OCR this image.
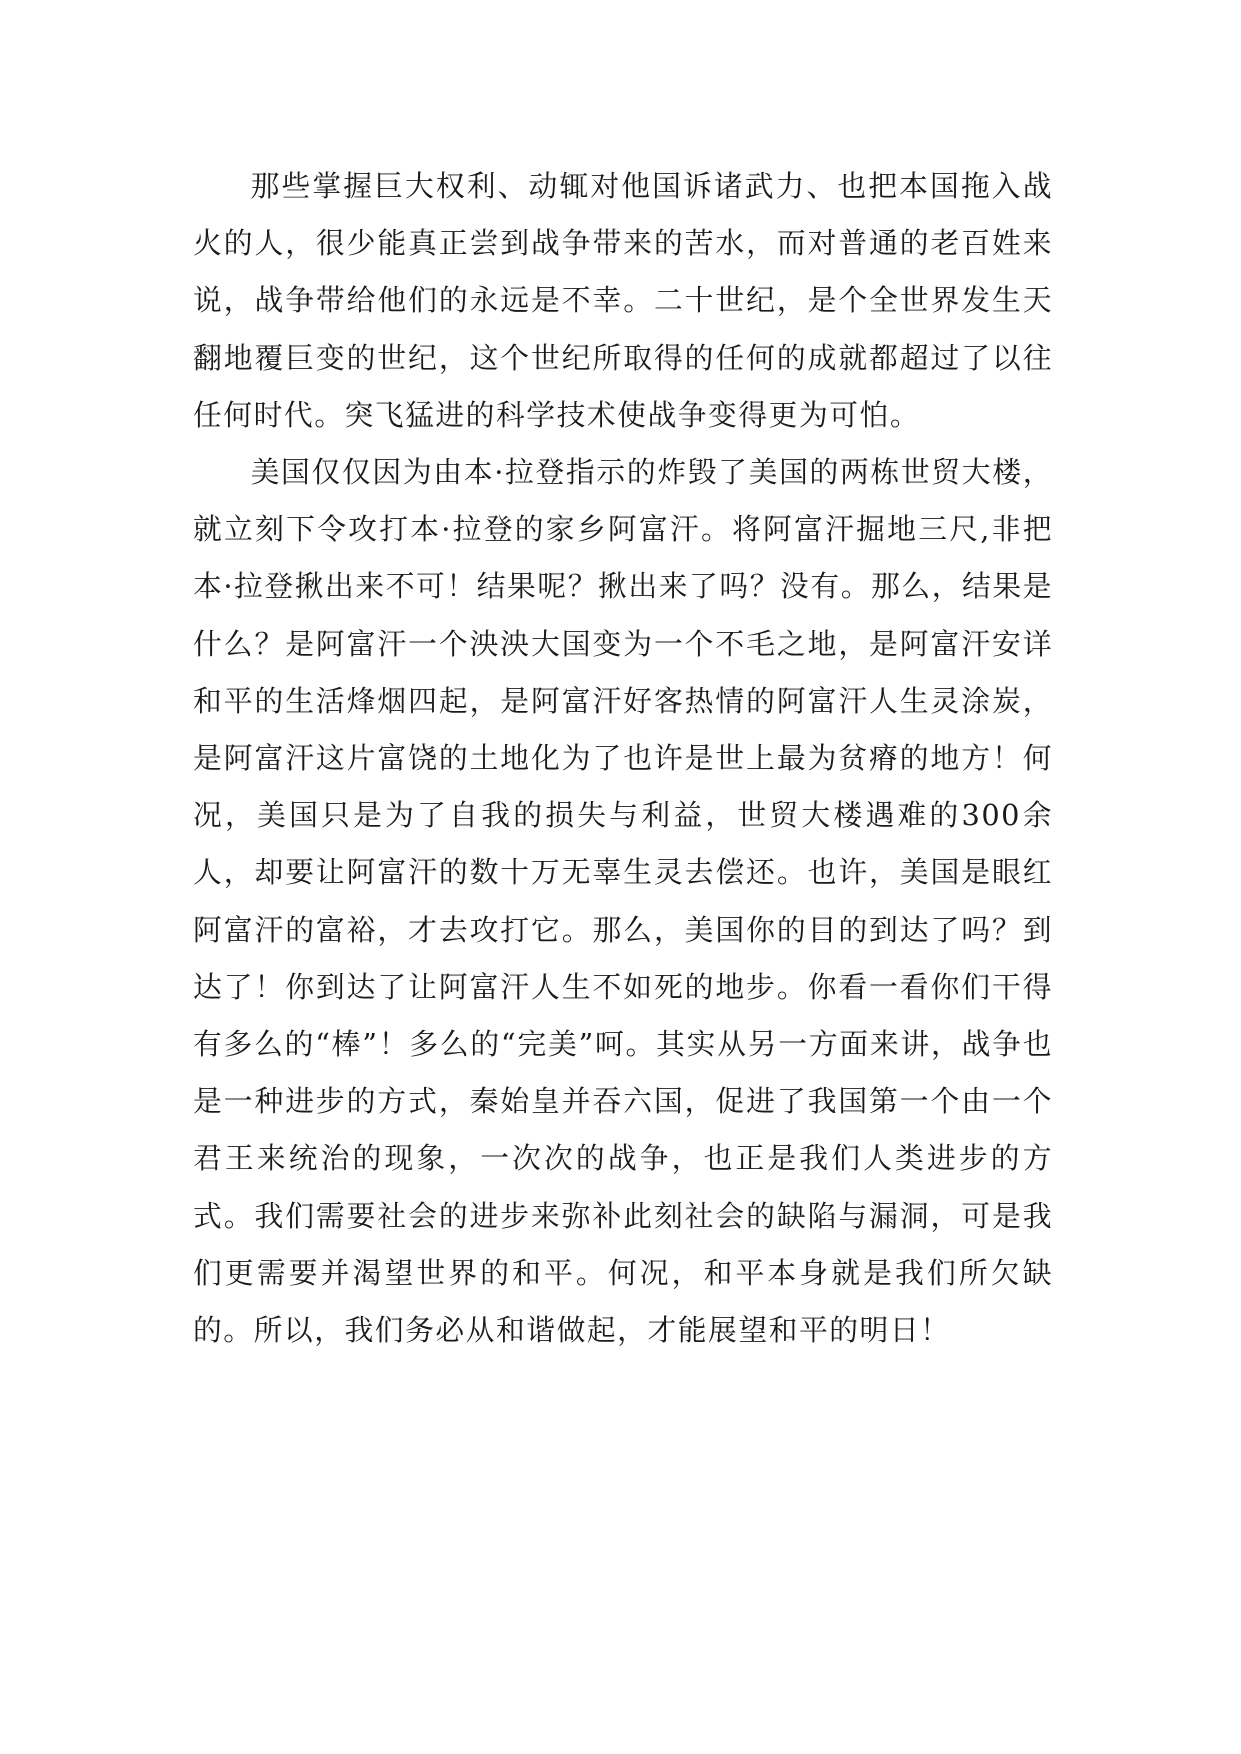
那些掌握巨大权利、动辄对他国诉诸武力、也把本国拖入战火的人，很少能真正尝到战争带来的苦水，而对普通的老百姓来说，战争带给他们的永远是不幸。二十世纪，是个全世界发生天翻地覆巨变的世纪，这个世纪所取得的任何的成就都超过了以往任何时代。突飞猛进的科学技术使战争变得更为可怕。

美国仅仅因为由本·拉登指示的炸毁了美国的两栋世贸大楼， 就立刻下令攻打本·拉登的家乡阿富汗。将阿富汗掘地三尺,非把本·拉登揪出来不可！结果呢？揪出来了吗？没有。那么，结果是什么？是阿富汗一个泱泱大国变为一个不毛之地，是阿富汗安详和平的生活烽烟四起，是阿富汗好客热情的阿富汗人生灵涂炭，是阿富汗这片富饶的土地化为了也许是世上最为贫瘠的地方！何况，美国只是为了自我的损失与利益，世贸大楼遇难的300余人，却要让阿富汗的数十万无辜生灵去偿还。也许，美国是眼红阿富汗的富裕，才去攻打它。那么，美国你的目的到达了吗？到达了！你到达了让阿富汗人生不如死的地步。你看一看你们干得有多么的“棒”！多么的“完美”呵。其实从另一方面来讲，战争也是一种进步的方式，秦始皇并吞六国，促进了我国第一个由一个君王来统治的现象，一次次的战争，也正是我们人类进步的方式。我们需要社会的进步来弥补此刻社会的缺陷与漏洞，可是我们更需要并渴望世界的和平。何况，和平本身就是我们所欠缺的。所以，我们务必从和谐做起，才能展望和平的明日！
